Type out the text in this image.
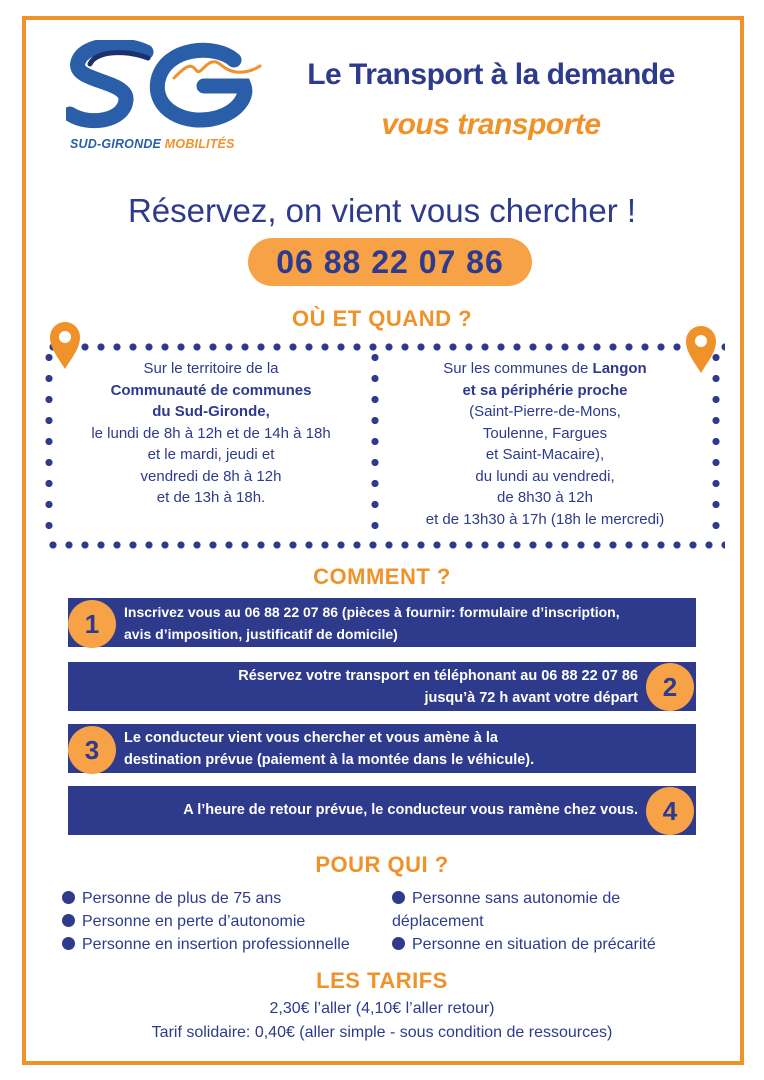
SUD-GIRONDE MOBILITÉS
Le Transport à la demande
vous transporte
Réservez, on vient vous chercher !
06 88 22 07 86
OÙ ET QUAND ?
Sur le territoire de la
Communauté de communes
du Sud-Gironde,
le lundi de 8h à 12h et de 14h à 18h
et le mardi, jeudi et
vendredi de 8h à 12h
et de 13h à 18h.
Sur les communes de Langon
et sa périphérie proche
(Saint-Pierre-de-Mons,
Toulenne, Fargues
et Saint-Macaire),
du lundi au vendredi,
de 8h30 à 12h
et de 13h30 à 17h (18h le mercredi)
COMMENT ?
Inscrivez vous au 06 88 22 07 86 (pièces à fournir: formulaire d’inscription,
avis d’imposition, justificatif de domicile)
1
Réservez votre transport en téléphonant au 06 88 22 07 86
jusqu’à 72 h avant votre départ 2
Le conducteur vient vous chercher et vous amène à la
destination prévue (paiement à la montée dans le véhicule).
3
A l’heure de retour prévue, le conducteur vous ramène chez vous. 4
POUR QUI ?
Personne de plus de 75 ans
Personne en perte d’autonomie
Personne en insertion professionnelle
Personne sans autonomie de
déplacement
Personne en situation de précarité
LES TARIFS
2,30€ l’aller (4,10€ l’aller retour)
Tarif solidaire: 0,40€ (aller simple - sous condition de ressources)
